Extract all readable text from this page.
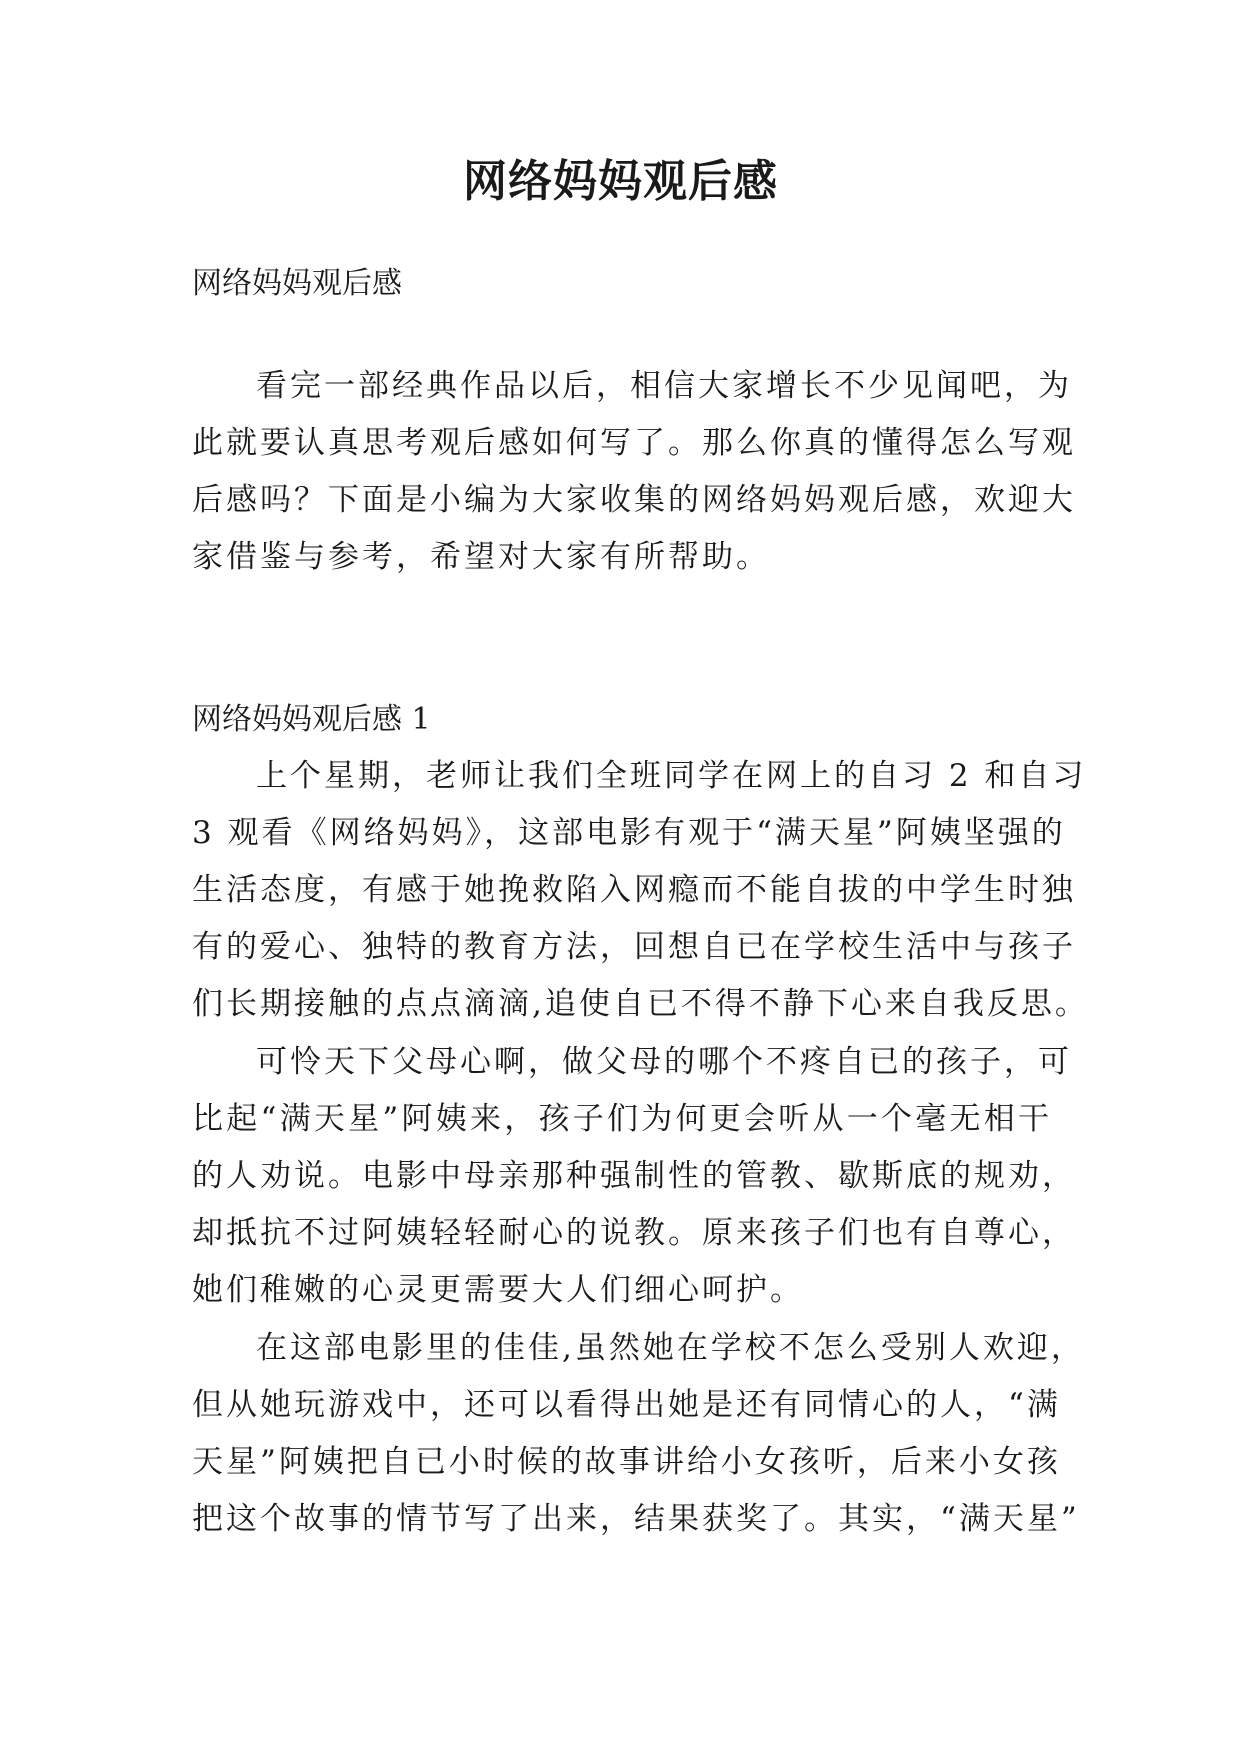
网络妈妈观后感

网络妈妈观后感

看完一部经典作品以后，相信大家增长不少见闻吧，为
此就要认真思考观后感如何写了。那么你真的懂得怎么写观
后感吗？下面是小编为大家收集的网络妈妈观后感，欢迎大
家借鉴与参考，希望对大家有所帮助。

网络妈妈观后感 1

上个星期，老师让我们全班同学在网上的自习 2 和自习
3 观看《网络妈妈》，这部电影有观于“满天星”阿姨坚强的
生活态度，有感于她挽救陷入网瘾而不能自拔的中学生时独
有的爱心、独特的教育方法，回想自已在学校生活中与孩子
们长期接触的点点滴滴,追使自已不得不静下心来自我反思。
可怜天下父母心啊，做父母的哪个不疼自已的孩子，可
比起“满天星”阿姨来，孩子们为何更会听从一个毫无相干
的人劝说。电影中母亲那种强制性的管教、歇斯底的规劝，
却抵抗不过阿姨轻轻耐心的说教。原来孩子们也有自尊心，
她们稚嫩的心灵更需要大人们细心呵护。
在这部电影里的佳佳,虽然她在学校不怎么受别人欢迎，
但从她玩游戏中，还可以看得出她是还有同情心的人，“满
天星”阿姨把自已小时候的故事讲给小女孩听，后来小女孩
把这个故事的情节写了出来，结果获奖了。其实，“满天星”
